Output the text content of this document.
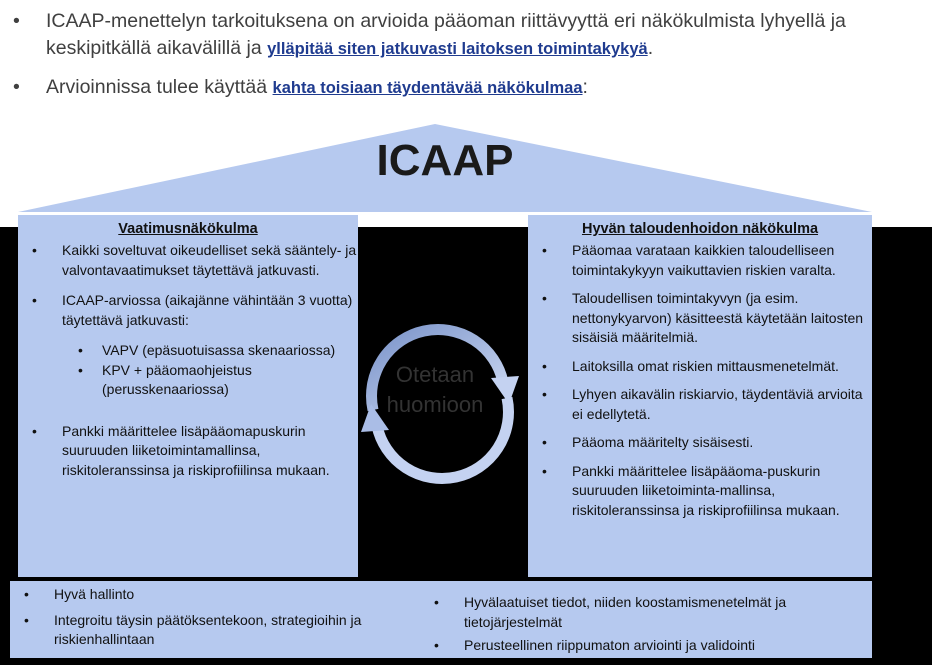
• ICAAP-menettelyn tarkoituksena on arvioida pääoman riittävyyttä eri näkökulmista lyhyellä ja keskipitkällä aikavälillä ja ylläpitää siten jatkuvasti laitoksen toimintakykyä.
• Arvioinnissa tulee käyttää kahta toisiaan täydentävää näkökulmaa:
ICAAP
Vaatimusnäkökulma
• Kaikki soveltuvat oikeudelliset sekä sääntely- ja valvontavaatimukset täytettävä jatkuvasti.
• ICAAP-arviossa (aikajänne vähintään 3 vuotta) täytettävä jatkuvasti:
• VAPV (epäsuotuisassa skenaariossa)
• KPV + pääomaohjeistus (perusskenaariossa)
• Pankki määrittelee lisäpääomapuskurin suuruuden liiketoimintamallinsa, riskitoleranssinsa ja riskiprofiilinsa mukaan.
Hyvän taloudenhoidon näkökulma
• Pääomaa varataan kaikkien taloudelliseen toimintakykyyn vaikuttavien riskien varalta.
• Taloudellisen toimintakyvyn (ja esim. nettonykyarvon) käsitteestä käytetään laitosten sisäisiä määritelmiä.
• Laitoksilla omat riskien mittausmenetelmät.
• Lyhyen aikavälin riskiarvio, täydentäviä arvioita ei edellytetä.
• Pääoma määritelty sisäisesti.
• Pankki määrittelee lisäpääoma-puskurin suuruuden liiketoiminta-mallinsa, riskitoleranssinsa ja riskiprofiilinsa mukaan.
Otetaan
huomioon
• Hyvä hallinto
• Integroitu täysin päätöksentekoon, strategioihin ja riskienhallintaan
• Hyvälaatuiset tiedot, niiden koostamismenetelmät ja tietojärjestelmät
• Perusteellinen riippumaton arviointi ja validointi
